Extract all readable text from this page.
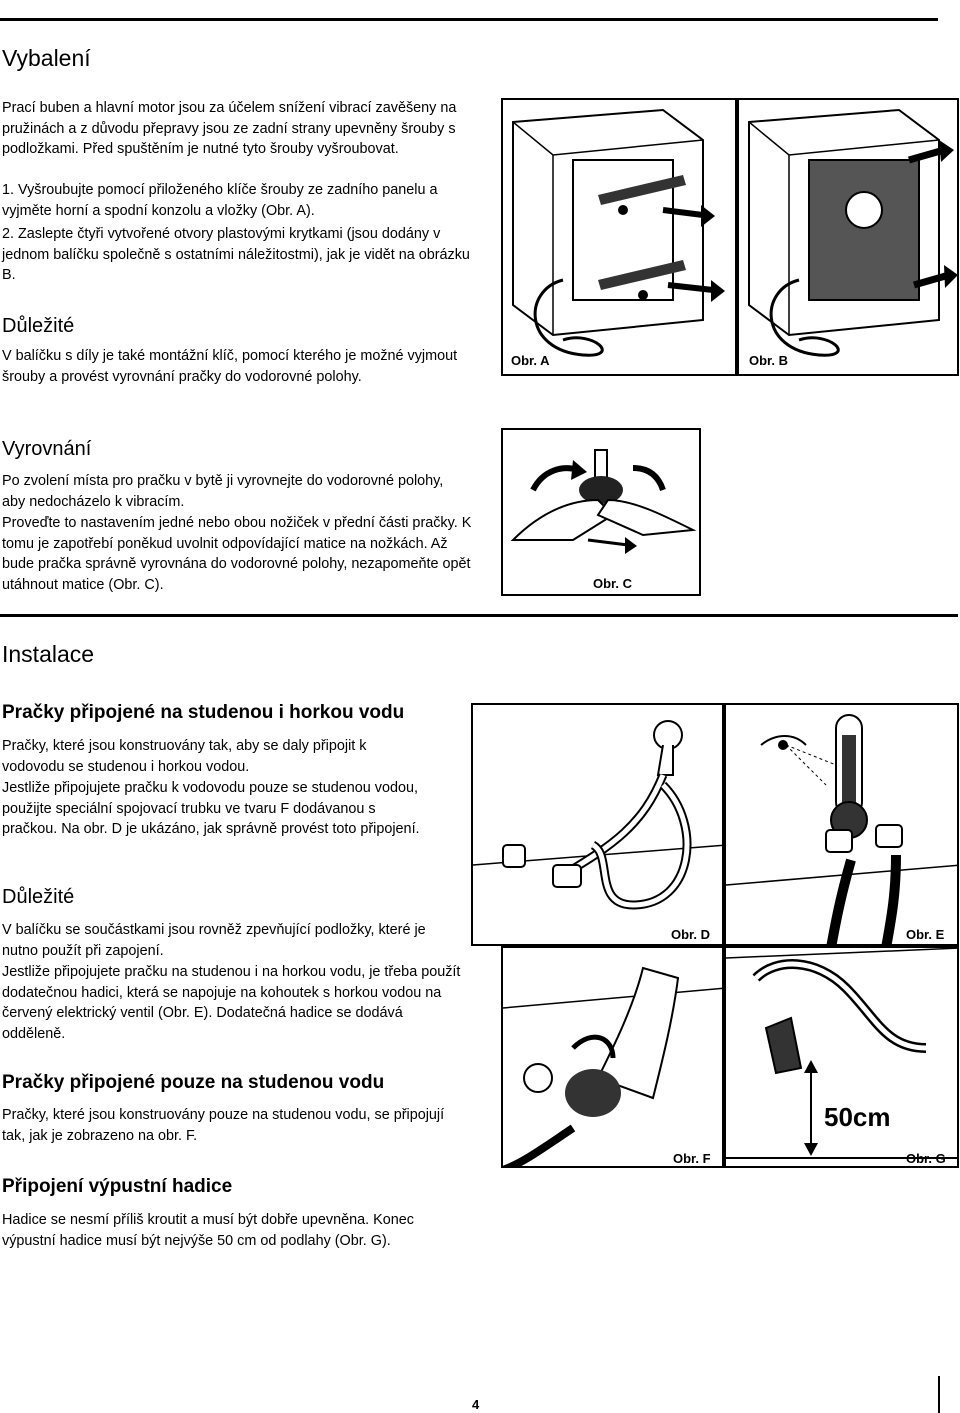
Vybalení

Prací buben a hlavní motor jsou za účelem snížení vibrací zavěšeny na pružinách a z důvodu přepravy jsou ze zadní strany upevněny šrouby s podložkami. Před spuštěním je nutné tyto šrouby vyšroubovat.

1. Vyšroubujte pomocí přiloženého klíče šrouby ze zadního panelu a vyjměte horní a spodní konzolu a vložky (Obr. A).

2. Zaslepte čtyři vytvořené otvory plastovými krytkami (jsou dodány v jednom balíčku společně s ostatními náležitostmi), jak je vidět na obrázku B.

Důležité

V balíčku s díly je také montážní klíč, pomocí kterého je možné vyjmout šrouby a provést vyrovnání pračky do vodorovné polohy.

Vyrovnání

Po zvolení místa pro pračku v bytě ji vyrovnejte do vodorovné polohy, aby nedocházelo k vibracím.

Proveďte to nastavením jedné nebo obou nožiček v přední části pračky. K tomu je zapotřebí poněkud uvolnit odpovídající matice na nožkách. Až bude pračka správně vyrovnána do vodorovné polohy, nezapomeňte opět utáhnout matice (Obr. C).

Instalace
Pračky připojené na studenou i horkou vodu

Pračky, které jsou konstruovány tak, aby se daly připojit k vodovodu se studenou i horkou vodou.

Jestliže připojujete pračku k vodovodu pouze se studenou vodou, použijte speciální spojovací trubku ve tvaru F dodávanou s pračkou. Na obr. D je ukázáno, jak správně provést toto připojení.

Důležité

V balíčku se součástkami jsou rovněž zpevňující podložky, které je nutno použít při zapojení.

Jestliže připojujete pračku na studenou i na horkou vodu, je třeba použít dodatečnou hadici, která se napojuje na kohoutek s horkou vodou na červený elektrický ventil (Obr. E). Dodatečná hadice se dodává odděleně.

Pračky připojené pouze na studenou vodu

Pračky, které jsou konstruovány pouze na studenou vodu, se připojují tak, jak je zobrazeno na obr. F.

Připojení výpustní hadice

Hadice se nesmí příliš kroutit a musí být dobře upevněna. Konec výpustní hadice musí být nejvýše 50 cm od podlahy (Obr. G).

Obr. A	Obr. B
Obr. C
Obr. D	Obr. E
Obr. F
50cm
Obr. G
4
